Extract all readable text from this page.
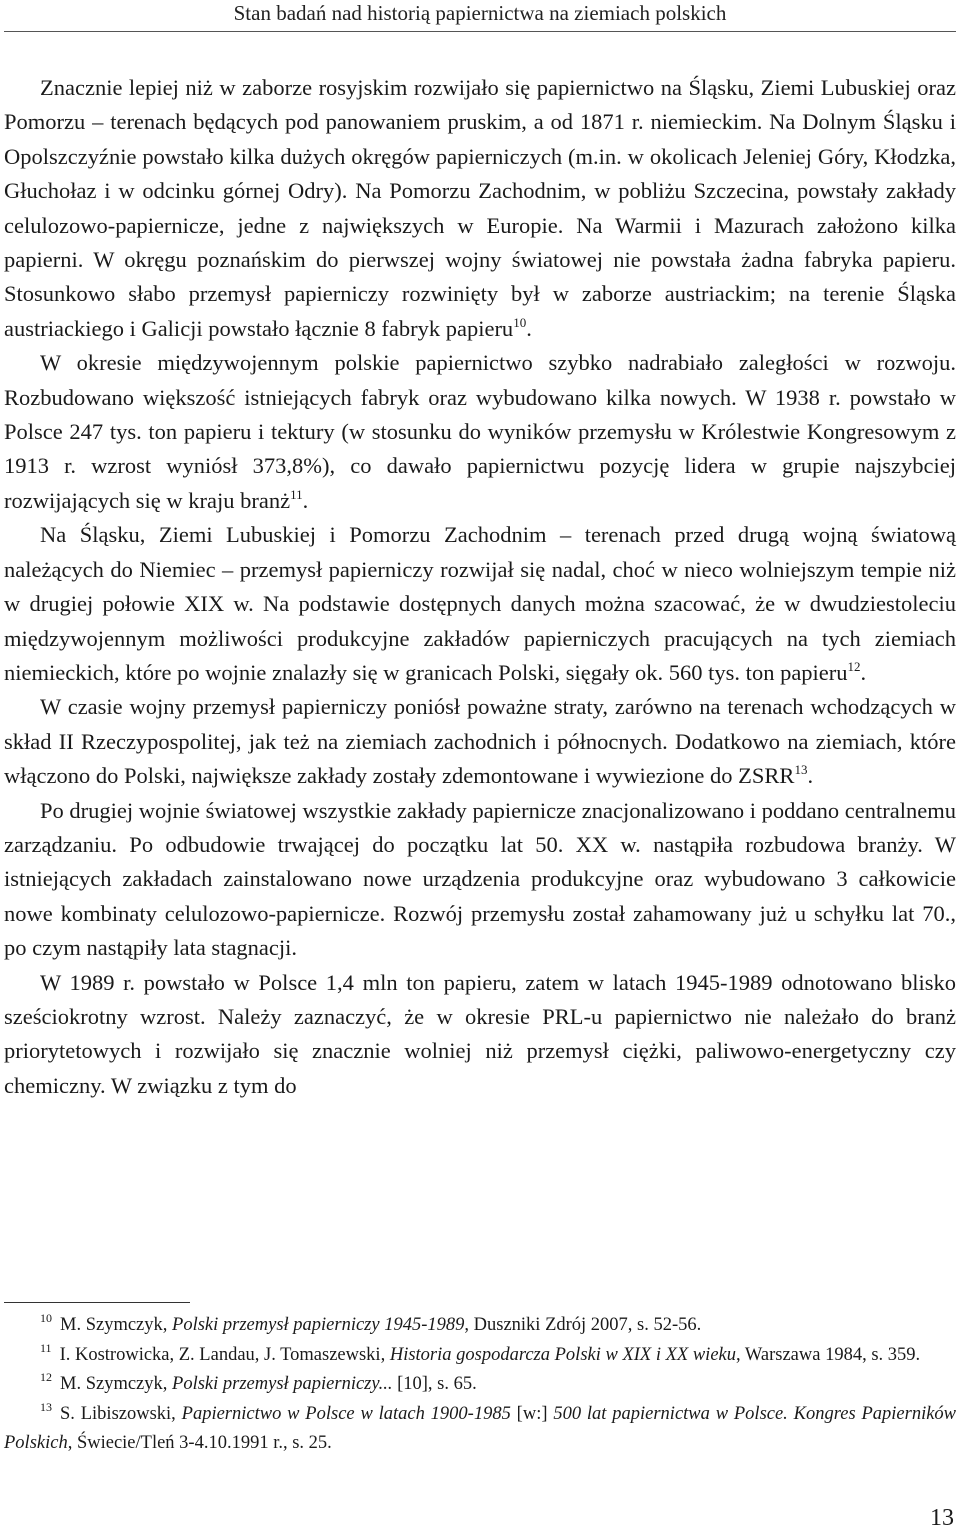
Stan badań nad historią papiernictwa na ziemiach polskich

Znacznie lepiej niż w zaborze rosyjskim rozwijało się papiernictwo na Śląsku, Ziemi Lubuskiej oraz Pomorzu – terenach będących pod panowaniem pruskim, a od 1871 r. niemieckim. Na Dolnym Śląsku i Opolszczyźnie powstało kilka dużych okręgów papierniczych (m.in. w okolicach Jeleniej Góry, Kłodzka, Głuchołaz i w odcinku górnej Odry). Na Pomorzu Zachodnim, w pobliżu Szczecina, powstały zakłady celulozowo-papiernicze, jedne z największych w Europie. Na Warmii i Mazurach założono kilka papierni. W okręgu poznańskim do pierwszej wojny światowej nie powstała żadna fabryka papieru. Stosunkowo słabo przemysł papierniczy rozwinięty był w zaborze austriackim; na terenie Śląska austriackiego i Galicji powstało łącznie 8 fabryk papieru$^{10}$.

W okresie międzywojennym polskie papiernictwo szybko nadrabiało zaległości w rozwoju. Rozbudowano większość istniejących fabryk oraz wybudowano kilka nowych. W 1938 r. powstało w Polsce 247 tys. ton papieru i tektury (w stosunku do wyników przemysłu w Królestwie Kongresowym z 1913 r. wzrost wyniósł 373,8%), co dawało papiernictwu pozycję lidera w grupie najszybciej rozwijających się w kraju branż$^{11}$.

Na Śląsku, Ziemi Lubuskiej i Pomorzu Zachodnim – terenach przed drugą wojną światową należących do Niemiec – przemysł papierniczy rozwijał się nadal, choć w nieco wolniejszym tempie niż w drugiej połowie XIX w. Na podstawie dostępnych danych można szacować, że w dwudziestoleciu międzywojennym możliwości produkcyjne zakładów papierniczych pracujących na tych ziemiach niemieckich, które po wojnie znalazły się w granicach Polski, sięgały ok. 560 tys. ton papieru$^{12}$.

W czasie wojny przemysł papierniczy poniósł poważne straty, zarówno na terenach wchodzących w skład II Rzeczypospolitej, jak też na ziemiach zachodnich i północnych. Dodatkowo na ziemiach, które włączono do Polski, największe zakłady zostały zdemontowane i wywiezione do ZSRR$^{13}$.

Po drugiej wojnie światowej wszystkie zakłady papiernicze znacjonalizowano i poddano centralnemu zarządzaniu. Po odbudowie trwającej do początku lat 50. XX w. nastąpiła rozbudowa branży. W istniejących zakładach zainstalowano nowe urządzenia produkcyjne oraz wybudowano 3 całkowicie nowe kombinaty celulozowo-papiernicze. Rozwój przemysłu został zahamowany już u schyłku lat 70., po czym nastąpiły lata stagnacji.

W 1989 r. powstało w Polsce 1,4 mln ton papieru, zatem w latach 1945-1989 odnotowano blisko sześciokrotny wzrost. Należy zaznaczyć, że w okresie PRL-u papiernictwo nie należało do branż priorytetowych i rozwijało się znacznie wolniej niż przemysł ciężki, paliwowo-energetyczny czy chemiczny. W związku z tym do

$^{10}$ M. Szymczyk, Polski przemysł papierniczy 1945-1989, Duszniki Zdrój 2007, s. 52-56.

$^{11}$ I. Kostrowicka, Z. Landau, J. Tomaszewski, Historia gospodarcza Polski w XIX i XX wieku, Warszawa 1984, s. 359.

$^{12}$ M. Szymczyk, Polski przemysł papierniczy... [10], s. 65.

$^{13}$ S. Libiszowski, Papiernictwo w Polsce w latach 1900-1985 [w:] 500 lat papiernictwa w Polsce. Kongres Papierników Polskich, Świecie/Tleń 3-4.10.1991 r., s. 25.

13
